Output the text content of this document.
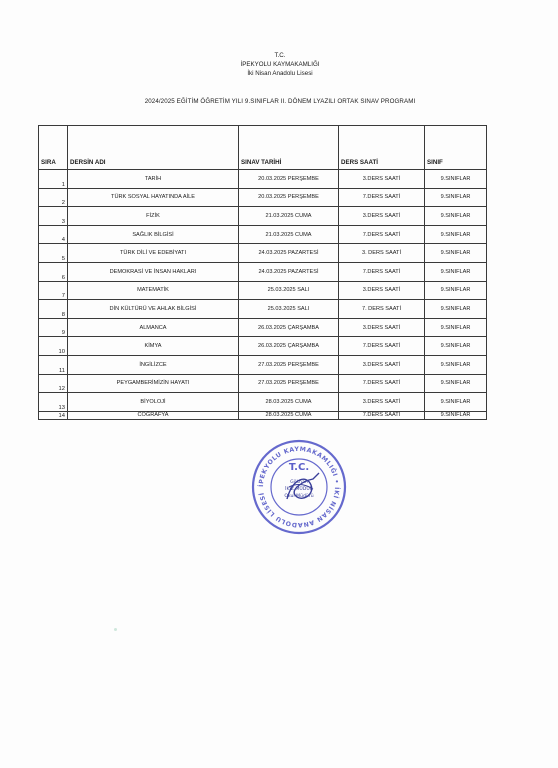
T.C.
İPEKYOLU KAYMAKAMLIĞI
İki Nisan Anadolu Lisesi
2024/2025 EĞİTİM ÖĞRETİM YILI 9.SINIFLAR II. DÖNEM LYAZILI ORTAK SINAV PROGRAMI
SIRA	DERSİN ADI	SINAV TARİHİ	DERS SAATİ	SINIF
1	TARİH	20.03.2025 PERŞEMBE	3.DERS SAATİ	9.SINIFLAR
2	TÜRK SOSYAL HAYATINDA AİLE	20.03.2025 PERŞEMBE	7.DERS SAATİ	9.SINIFLAR
3	FİZİK	21.03.2025 CUMA	3.DERS SAATİ	9.SINIFLAR
4	SAĞLIK BİLGİSİ	21.03.2025 CUMA	7.DERS SAATİ	9.SINIFLAR
5	TÜRK DİLİ VE EDEBİYATI	24.03.2025 PAZARTESİ	3. DERS SAATİ	9.SINIFLAR
6	DEMOKRASİ VE İNSAN HAKLARI	24.03.2025 PAZARTESİ	7.DERS SAATİ	9.SINIFLAR
7	MATEMATİK	25.03.2025 SALI	3.DERS SAATİ	9.SINIFLAR
8	DİN KÜLTÜRÜ VE AHLAK BİLGİSİ	25.03.2025 SALI	7. DERS SAATİ	9.SINIFLAR
9	ALMANCA	26.03.2025 ÇARŞAMBA	3.DERS SAATİ	9.SINIFLAR
10	KİMYA	26.03.2025 ÇARŞAMBA	7.DERS SAATİ	9.SINIFLAR
11	İNGİLİZCE	27.03.2025 PERŞEMBE	3.DERS SAATİ	9.SINIFLAR
12	PEYGAMBERİMİZİN HAYATI	27.03.2025 PERŞEMBE	7.DERS SAATİ	9.SINIFLAR
13	BİYOLOJİ	28.03.2025 CUMA	3.DERS SAATİ	9.SINIFLAR
14	COĞRAFYA	28.03.2025 CUMA	7.DERS SAATİ	9.SINIFLAR
İPEKYOLU KAYMAKAMLIĞI • İKİ NİSAN ANADOLU LİSESİ
T.C.
Gökhan
İKİZ MÜDÜR
Okul Müdürü
